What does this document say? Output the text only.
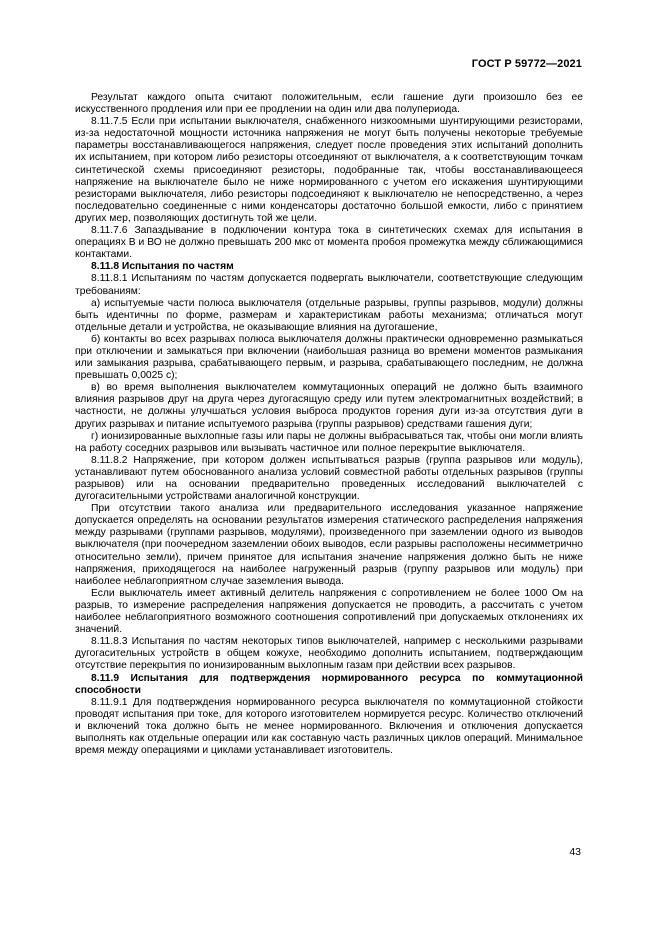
ГОСТ Р 59772—2021

Результат каждого опыта считают положительным, если гашение дуги произошло без ее искусственного продления или при ее продлении на один или два полупериода.

8.11.7.5 Если при испытании выключателя, снабженного низкоомными шунтирующими резисторами, из-за недостаточной мощности источника напряжения не могут быть получены некоторые требуемые параметры восстанавливающегося напряжения, следует после проведения этих испытаний дополнить их испытанием, при котором либо резисторы отсоединяют от выключателя, а к соответствующим точкам синтетической схемы присоединяют резисторы, подобранные так, чтобы восстанавливающееся напряжение на выключателе было не ниже нормированного с учетом его искажения шунтирующими резисторами выключателя, либо резисторы подсоединяют к выключателю не непосредственно, а через последовательно соединенные с ними конденсаторы достаточно большой емкости, либо с принятием других мер, позволяющих достигнуть той же цели.

8.11.7.6 Запаздывание в подключении контура тока в синтетических схемах для испытания в операциях В и ВО не должно превышать 200 мкс от момента пробоя промежутка между сближающимися контактами.

8.11.8 Испытания по частям

8.11.8.1 Испытаниям по частям допускается подвергать выключатели, соответствующие следующим требованиям:

а) испытуемые части полюса выключателя (отдельные разрывы, группы разрывов, модули) должны быть идентичны по форме, размерам и характеристикам работы механизма; отличаться могут отдельные детали и устройства, не оказывающие влияния на дугогашение,

б) контакты во всех разрывах полюса выключателя должны практически одновременно размыкаться при отключении и замыкаться при включении (наибольшая разница во времени моментов размыкания или замыкания разрыва, срабатывающего первым, и разрыва, срабатывающего последним, не должна превышать 0,0025 с);

в) во время выполнения выключателем коммутационных операций не должно быть взаимного влияния разрывов друг на друга через дугогасящую среду или путем электромагнитных воздействий; в частности, не должны улучшаться условия выброса продуктов горения дуги из-за отсутствия дуги в других разрывах и питание испытуемого разрыва (группы разрывов) средствами гашения дуги;

г) ионизированные выхлопные газы или пары не должны выбрасываться так, чтобы они могли влиять на работу соседних разрывов или вызывать частичное или полное перекрытие выключателя.

8.11.8.2 Напряжение, при котором должен испытываться разрыв (группа разрывов или модуль), устанавливают путем обоснованного анализа условий совместной работы отдельных разрывов (группы разрывов) или на основании предварительно проведенных исследований выключателей с дугогасительными устройствами аналогичной конструкции.

При отсутствии такого анализа или предварительного исследования указанное напряжение допускается определять на основании результатов измерения статического распределения напряжения между разрывами (группами разрывов, модулями), произведенного при заземлении одного из выводов выключателя (при поочередном заземлении обоих выводов, если разрывы расположены несимметрично относительно земли), причем принятое для испытания значение напряжения должно быть не ниже напряжения, приходящегося на наиболее нагруженный разрыв (группу разрывов или модуль) при наиболее неблагоприятном случае заземления вывода.

Если выключатель имеет активный делитель напряжения с сопротивлением не более 1000 Ом на разрыв, то измерение распределения напряжения допускается не проводить, а рассчитать с учетом наиболее неблагоприятного возможного соотношения сопротивлений при допускаемых отклонениях их значений.

8.11.8.3 Испытания по частям некоторых типов выключателей, например с несколькими разрывами дугогасительных устройств в общем кожухе, необходимо дополнить испытанием, подтверждающим отсутствие перекрытия по ионизированным выхлопным газам при действии всех разрывов.

8.11.9 Испытания для подтверждения нормированного ресурса по коммутационной способности

8.11.9.1 Для подтверждения нормированного ресурса выключателя по коммутационной стойкости проводят испытания при токе, для которого изготовителем нормируется ресурс. Количество отключений и включений тока должно быть не менее нормированного. Включения и отключения допускается выполнять как отдельные операции или как составную часть различных циклов операций. Минимальное время между операциями и циклами устанавливает изготовитель.

43
